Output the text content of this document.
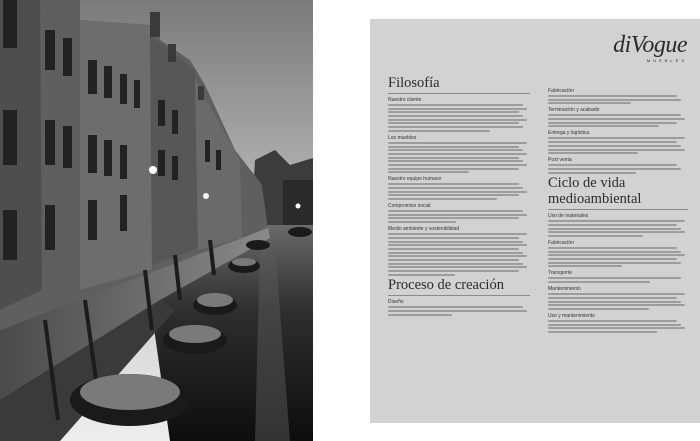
diVogue
MUEBLES
Filosofía
Nuestro cliente
Los muebles
Nuestro equipo humano
Compromiso social
Medio ambiente y sostenibilidad
Proceso de creación
Diseño
Fabricación
Terminación y acabado
Entrega y logística
Post venta
Ciclo de vida medioambiental
Uso de materiales
Fabricación
Transporte
Mantenimiento
Uso y mantenimiento
